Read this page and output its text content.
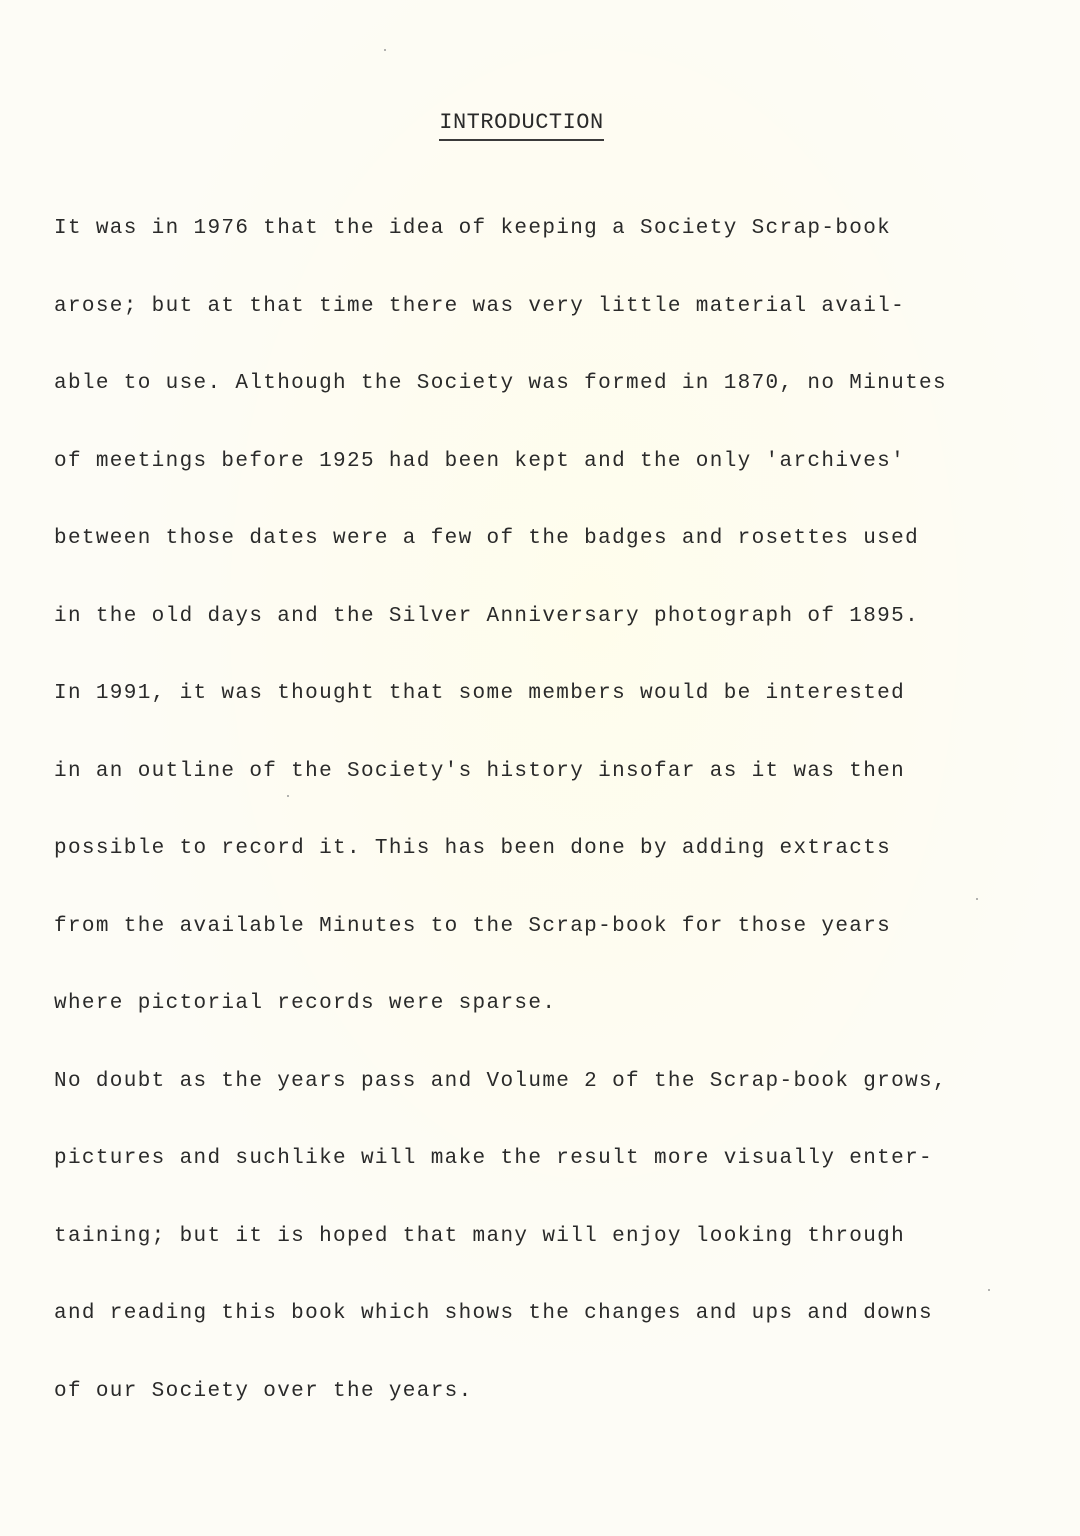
INTRODUCTION
It was in 1976 that the idea of keeping a Society Scrap-book
arose; but at that time there was very little material avail-
able to use. Although the Society was formed in 1870, no Minutes
of meetings before 1925 had been kept and the only 'archives'
between those dates were a few of the badges and rosettes used
in the old days and the Silver Anniversary photograph of 1895.
In 1991, it was thought that some members would be interested
in an outline of the Society's history insofar as it was then
possible to record it. This has been done by adding extracts
from the available Minutes to the Scrap-book for those years
where pictorial records were sparse.
No doubt as the years pass and Volume 2 of the Scrap-book grows,
pictures and suchlike will make the result more visually enter-
taining; but it is hoped that many will enjoy looking through
and reading this book which shows the changes and ups and downs
of our Society over the years.
